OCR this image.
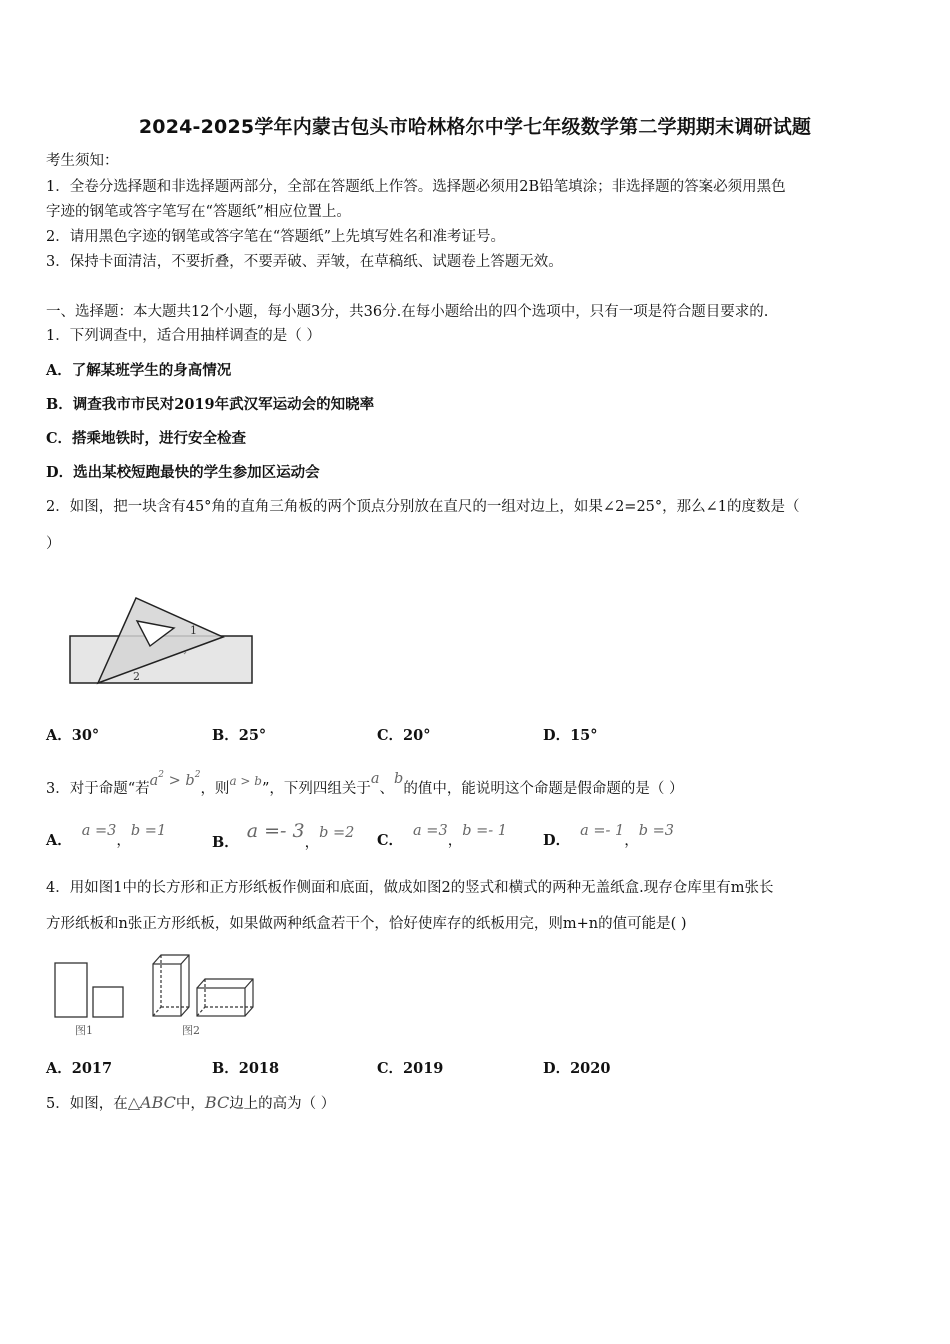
2024-2025学年内蒙古包头市哈林格尔中学七年级数学第二学期期末调研试题
考生须知：
1．全卷分选择题和非选择题两部分，全部在答题纸上作答。选择题必须用2B铅笔填涂；非选择题的答案必须用黑色
字迹的钢笔或答字笔写在“答题纸”相应位置上。
2．请用黑色字迹的钢笔或答字笔在“答题纸”上先填写姓名和准考证号。
3．保持卡面清洁，不要折叠，不要弄破、弄皱，在草稿纸、试题卷上答题无效。
一、选择题：本大题共12个小题，每小题3分，共36分.在每小题给出的四个选项中，只有一项是符合题目要求的.
1．下列调查中，适合用抽样调查的是（ ）
A．了解某班学生的身高情况
B．调查我市市民对2019年武汉军运动会的知晓率
C．搭乘地铁时，进行安全检查
D．选出某校短跑最快的学生参加区运动会
2．如图，把一块含有45°角的直角三角板的两个顶点分别放在直尺的一组对边上，如果∠2=25°，那么∠1的度数是（
）
1
2
A．30°	B．25°	C．20°	D．15°
3．对于命题“若$a^2 > b^2$，则$^{a > b}$”，下列四组关于a、b的值中，能说明这个命题是假命题的是（ ）
A．a =3，b =1
B．a =- 3，b =2 C．a =3，b =- 1
D．a =- 1，b =3
4．用如图1中的长方形和正方形纸板作侧面和底面，做成如图2的竖式和横式的两种无盖纸盒.现存仓库里有m张长
方形纸板和n张正方形纸板，如果做两种纸盒若干个，恰好使库存的纸板用完，则m+n的值可能是( )
图1	图2
A．2017	B．2018	C．2019	D．2020
5．如图，在△ABC中，BC边上的高为（ ）
